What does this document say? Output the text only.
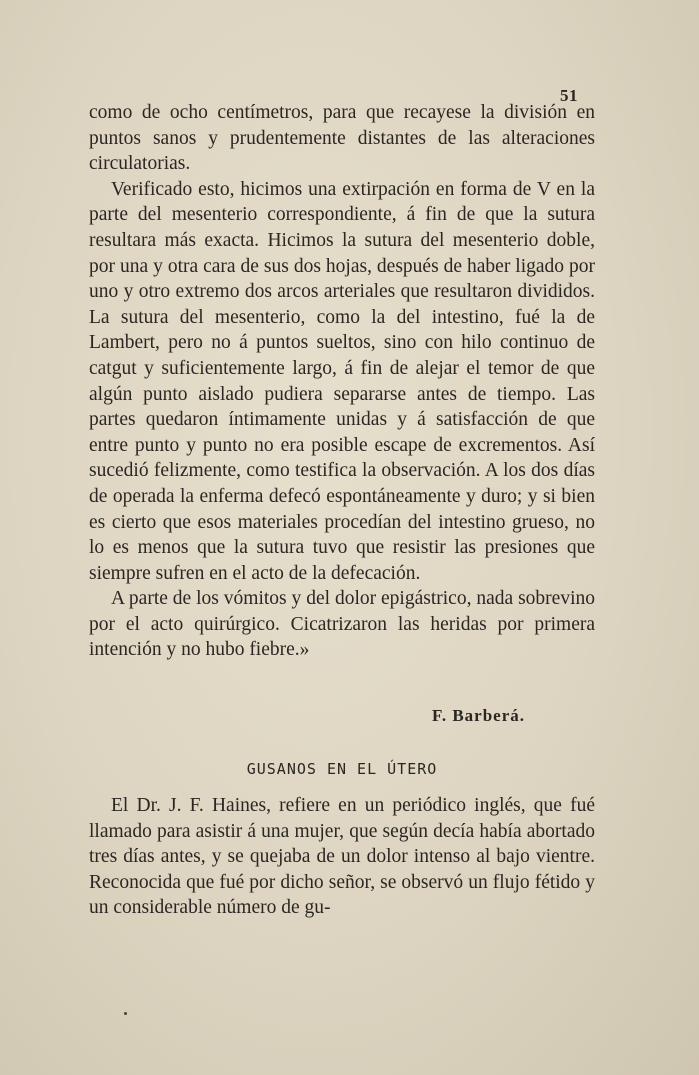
51

como de ocho centímetros, para que recayese la división en puntos sanos y prudentemente distantes de las alteraciones circulatorias.

Verificado esto, hicimos una extirpación en forma de V en la parte del mesenterio correspondiente, á fin de que la sutura resultara más exacta. Hicimos la sutura del mesenterio doble, por una y otra cara de sus dos hojas, después de haber ligado por uno y otro extremo dos arcos arteriales que resultaron divididos. La sutura del mesenterio, como la del intestino, fué la de Lambert, pero no á puntos sueltos, sino con hilo continuo de catgut y suficientemente largo, á fin de alejar el temor de que algún punto aislado pudiera separarse antes de tiempo. Las partes quedaron íntimamente unidas y á satisfacción de que entre punto y punto no era posible escape de excrementos. Así sucedió felizmente, como testifica la observación. A los dos días de operada la enferma defecó espontáneamente y duro; y si bien es cierto que esos materiales procedían del intestino grueso, no lo es menos que la sutura tuvo que resistir las presiones que siempre sufren en el acto de la defecación.

A parte de los vómitos y del dolor epigástrico, nada sobrevino por el acto quirúrgico. Cicatrizaron las heridas por primera intención y no hubo fiebre.»

F. Barberá.
GUSANOS EN EL ÚTERO

El Dr. J. F. Haines, refiere en un periódico inglés, que fué llamado para asistir á una mujer, que según decía había abortado tres días antes, y se quejaba de un dolor intenso al bajo vientre. Reconocida que fué por dicho señor, se observó un flujo fétido y un considerable número de gu-
